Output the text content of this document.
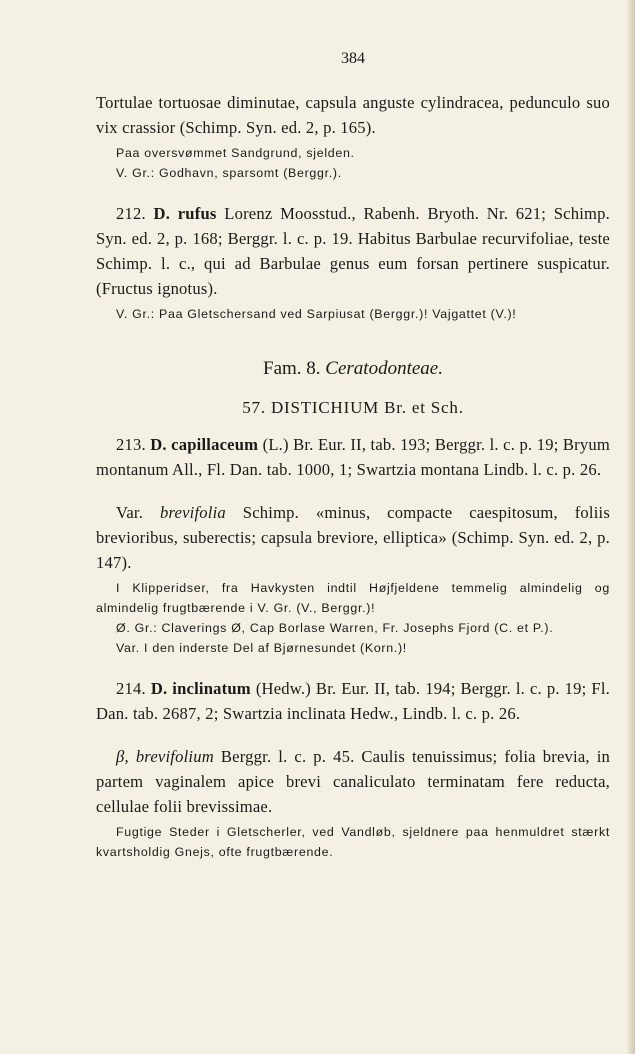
384

Tortulae tortuosae diminutae, capsula anguste cylindracea, pedunculo suo vix crassior (Schimp. Syn. ed. 2, p. 165).

Paa oversvømmet Sandgrund, sjelden.

V. Gr.: Godhavn, sparsomt (Berggr.).

212. D. rufus Lorenz Moosstud., Rabenh. Bryoth. Nr. 621; Schimp. Syn. ed. 2, p. 168; Berggr. l. c. p. 19. Habitus Barbulae recurvifoliae, teste Schimp. l. c., qui ad Barbulae genus eum forsan pertinere suspicatur. (Fructus ignotus).

V. Gr.: Paa Gletschersand ved Sarpiusat (Berggr.)! Vajgattet (V.)!

Fam. 8. Ceratodonteae.
57. DISTICHIUM Br. et Sch.

213. D. capillaceum (L.) Br. Eur. II, tab. 193; Berggr. l. c. p. 19; Bryum montanum All., Fl. Dan. tab. 1000, 1; Swartzia montana Lindb. l. c. p. 26.

Var. brevifolia Schimp. «minus, compacte caespitosum, foliis brevioribus, suberectis; capsula breviore, elliptica» (Schimp. Syn. ed. 2, p. 147).

I Klipperidser, fra Havkysten indtil Højfjeldene temmelig almindelig og almindelig frugtbærende i V. Gr. (V., Berggr.)!

Ø. Gr.: Claverings Ø, Cap Borlase Warren, Fr. Josephs Fjord (C. et P.).

Var. I den inderste Del af Bjørnesundet (Korn.)!

214. D. inclinatum (Hedw.) Br. Eur. II, tab. 194; Berggr. l. c. p. 19; Fl. Dan. tab. 2687, 2; Swartzia inclinata Hedw., Lindb. l. c. p. 26.

β, brevifolium Berggr. l. c. p. 45. Caulis tenuissimus; folia brevia, in partem vaginalem apice brevi canaliculato terminatam fere reducta, cellulae folii brevissimae.

Fugtige Steder i Gletscherler, ved Vandløb, sjeldnere paa henmuldret stærkt kvartsholdig Gnejs, ofte frugtbærende.
